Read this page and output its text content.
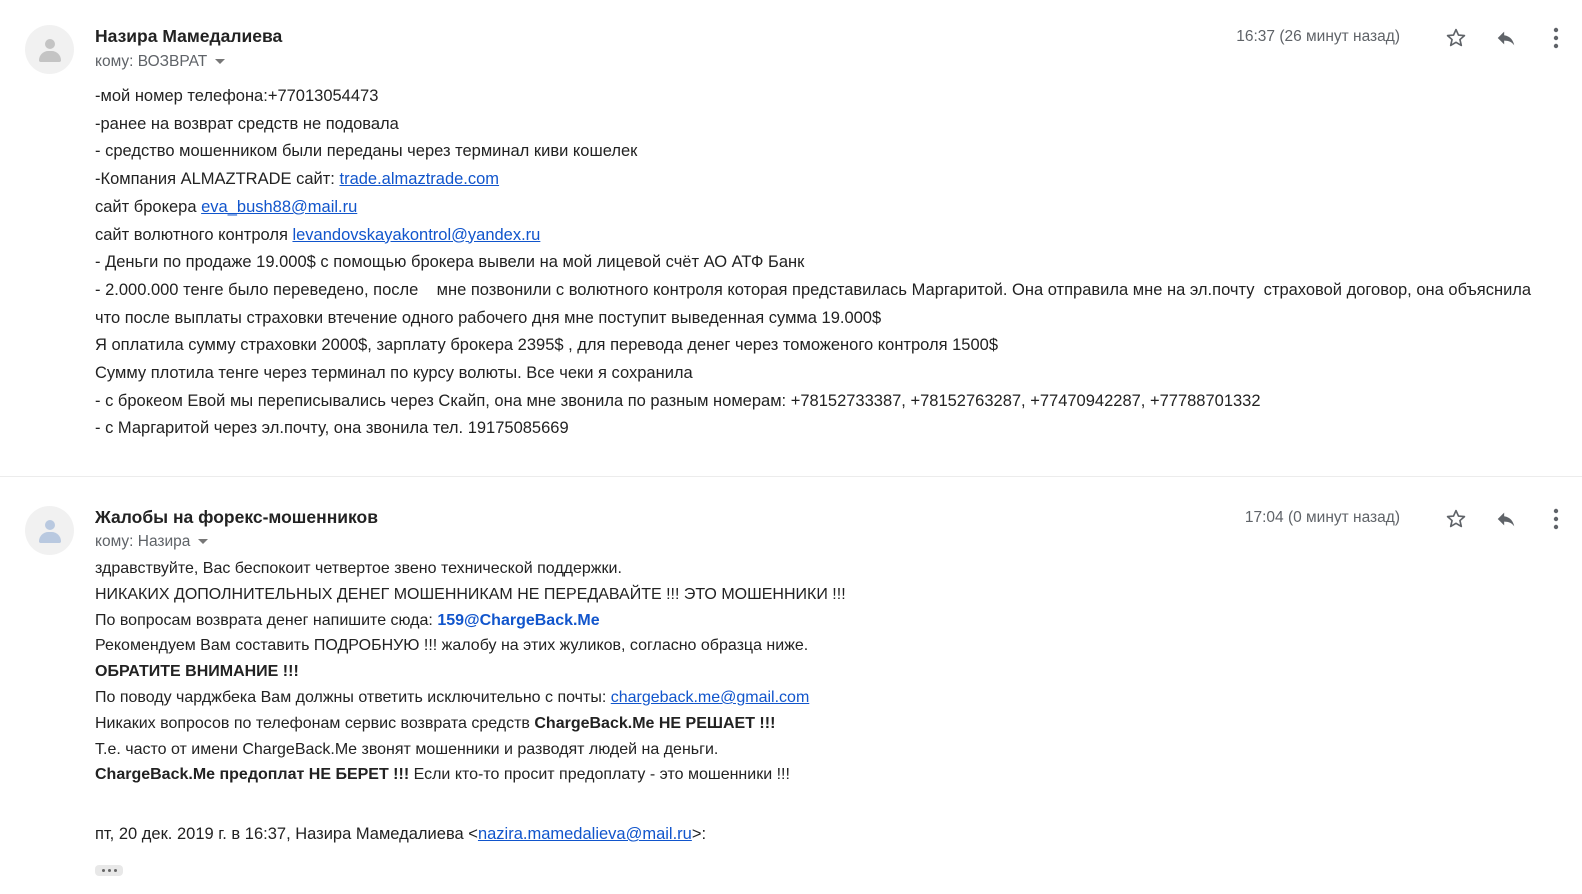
Назира Мамедалиева
кому: ВОЗВРАТ
16:37 (26 минут назад)
-мой номер телефона:+77013054473
-ранее на возврат средств не подовала
- средство мошенником были переданы через терминал киви кошелек
-Компания ALMAZTRADE сайт: trade.almaztrade.com
сайт брокера eva_bush88@mail.ru
сайт волютного контроля levandovskayakontrol@yandex.ru
- Деньги по продаже 19.000$ с помощью брокера вывели на мой лицевой счёт АО АТФ Банк
- 2.000.000 тенге было переведено, после    мне позвонили с волютного контроля которая представилась Маргаритой. Она отправила мне на эл.почту  страховой договор, она объяснила что после выплаты страховки втечение одного рабочего дня мне поступит выведенная сумма 19.000$
Я оплатила сумму страховки 2000$, зарплату брокера 2395$ , для перевода денег через томоженого контроля 1500$
Сумму плотила тенге через терминал по курсу волюты. Все чеки я сохранила
- с брокеом Евой мы переписывались через Скайп, она мне звонила по разным номерам: +78152733387, +78152763287, +77470942287, +77788701332
- с Маргаритой через эл.почту, она звонила тел. 19175085669
Жалобы на форекс-мошенников
кому: Назира
17:04 (0 минут назад)
здравствуйте, Вас беспокоит четвертое звено технической поддержки.
НИКАКИХ ДОПОЛНИТЕЛЬНЫХ ДЕНЕГ МОШЕННИКАМ НЕ ПЕРЕДАВАЙТЕ !!! ЭТО МОШЕННИКИ !!!
По вопросам возврата денег напишите сюда: 159@ChargeBack.Me
Рекомендуем Вам составить ПОДРОБНУЮ !!! жалобу на этих жуликов, согласно образца ниже.
ОБРАТИТЕ ВНИМАНИЕ !!!
По поводу чарджбека Вам должны ответить исключительно с почты: chargeback.me@gmail.com
Никаких вопросов по телефонам сервис возврата средств ChargeBack.Me НЕ РЕШАЕТ !!!
Т.е. часто от имени ChargeBack.Me звонят мошенники и разводят людей на деньги.
ChargeBack.Me предоплат НЕ БЕРЕТ !!! Если кто-то просит предоплату - это мошенники !!!
пт, 20 дек. 2019 г. в 16:37, Назира Мамедалиева <nazira.mamedalieva@mail.ru>:
